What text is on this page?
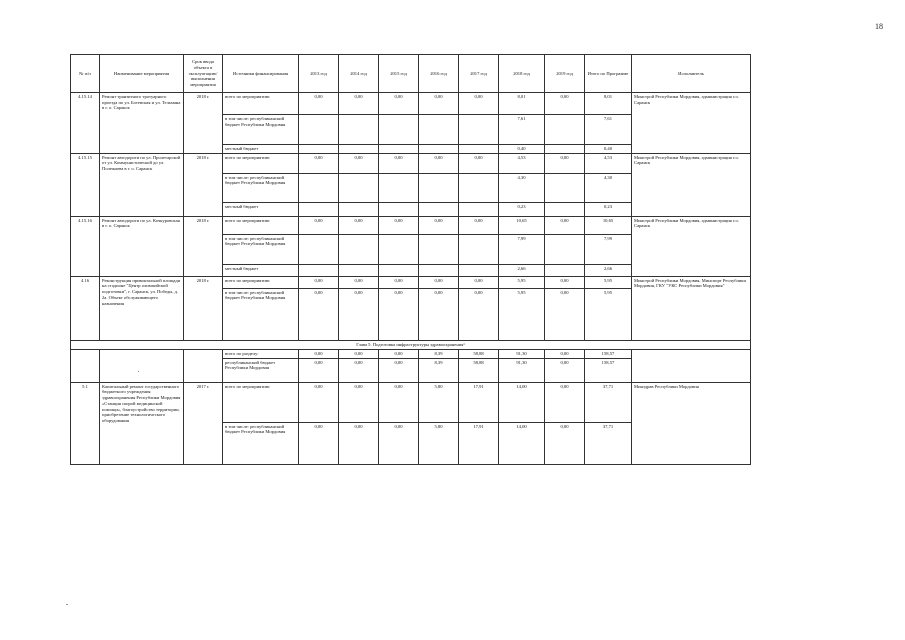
18
№ п/п	Наименование мероприятия	Срок ввода объекта в эксплуатацию/ выполнения мероприятия	Источники финансирования	2013 год	2014 год	2015 год	2016 год	2017 год	2018 год	2019 год	Итого по Программе	Исполнитель
4.15.14	Ремонт транзитного тротуарного проезда по ул. Ботевская и ул. Тельмана в г. о. Саранск	2018 г.	всего по мероприятию:	0,00	0,00	0,00	0,00	0,00	8,01	0,00	8,01	Минстрой Республики Мордовия, администрация г.о. Саранск
			в том числе: республиканский бюджет Республики Мордовия						7,61		7,61	
			местный бюджет						0,40		0,40	
4.15.15	Ремонт автодороги по ул. Пролетарской от ул. Коммунистической до ул. Полежаева в г. о. Саранск	2018 г.	всего по мероприятию:	0,00	0,00	0,00	0,00	0,00	4,53	0,00	4,53	Минстрой Республики Мордовия, администрация г.о. Саранск
			в том числе: республиканский бюджет Республики Мордовия						4,30		4,30	
			местный бюджет						0,23		0,23	
4.15.16	Ремонт автодороги по ул. Кочкуровская в г. о. Саранск	2018 г.	всего по мероприятию:	0,00	0,00	0,00	0,00	0,00	10,65	0,00	10,65	Минстрой Республики Мордовия, администрация г.о. Саранск
			в том числе: республиканский бюджет Республики Мордовия						7,99		7,99	
			местный бюджет						2,66		2,66	
4.16	Реконструкция привокзальной площади на стадионе "Центр олимпийской подготовки", г. Саранск, ул. Победы, д. 2а. Объект обслуживающего назначения	2018 г.	всего по мероприятию:	0,00	0,00	0,00	0,00	0,00	5,95	0,00	5,95	Минстрой Республики Мордовия, Минспорт Республики Мордовия, ГКУ "УКС Республики Мордовия"
			в том числе: республиканский бюджет Республики Мордовия	0,00	0,00	0,00	0,00	0,00	5,95	0,00	5,95	
Глава 5. Подготовка инфраструктуры здравоохранения¹												
			всего по разделу:	0,00	0,00	0,00	8,39	58,88	91,30	0,00	158,57	
			республиканский бюджет Республики Мордовия	0,00	0,00	0,00	8,39	58,88	91,30	0,00	158,57	
5.1	Капитальный ремонт государственного бюджетного учреждения здравоохранения Республики Мордовия «Станция скорой медицинской помощи», благоустройство территории, приобретение технологического оборудования	2017 г.	всего по мероприятию:	0,00	0,00	0,00	5,80	17,91	14,00	0,00	37,71	Минздрав Республики Мордовия
			в том числе: республиканский бюджет Республики Мордовия	0,00	0,00	0,00	5,80	17,91	14,00	0,00	37,71	
